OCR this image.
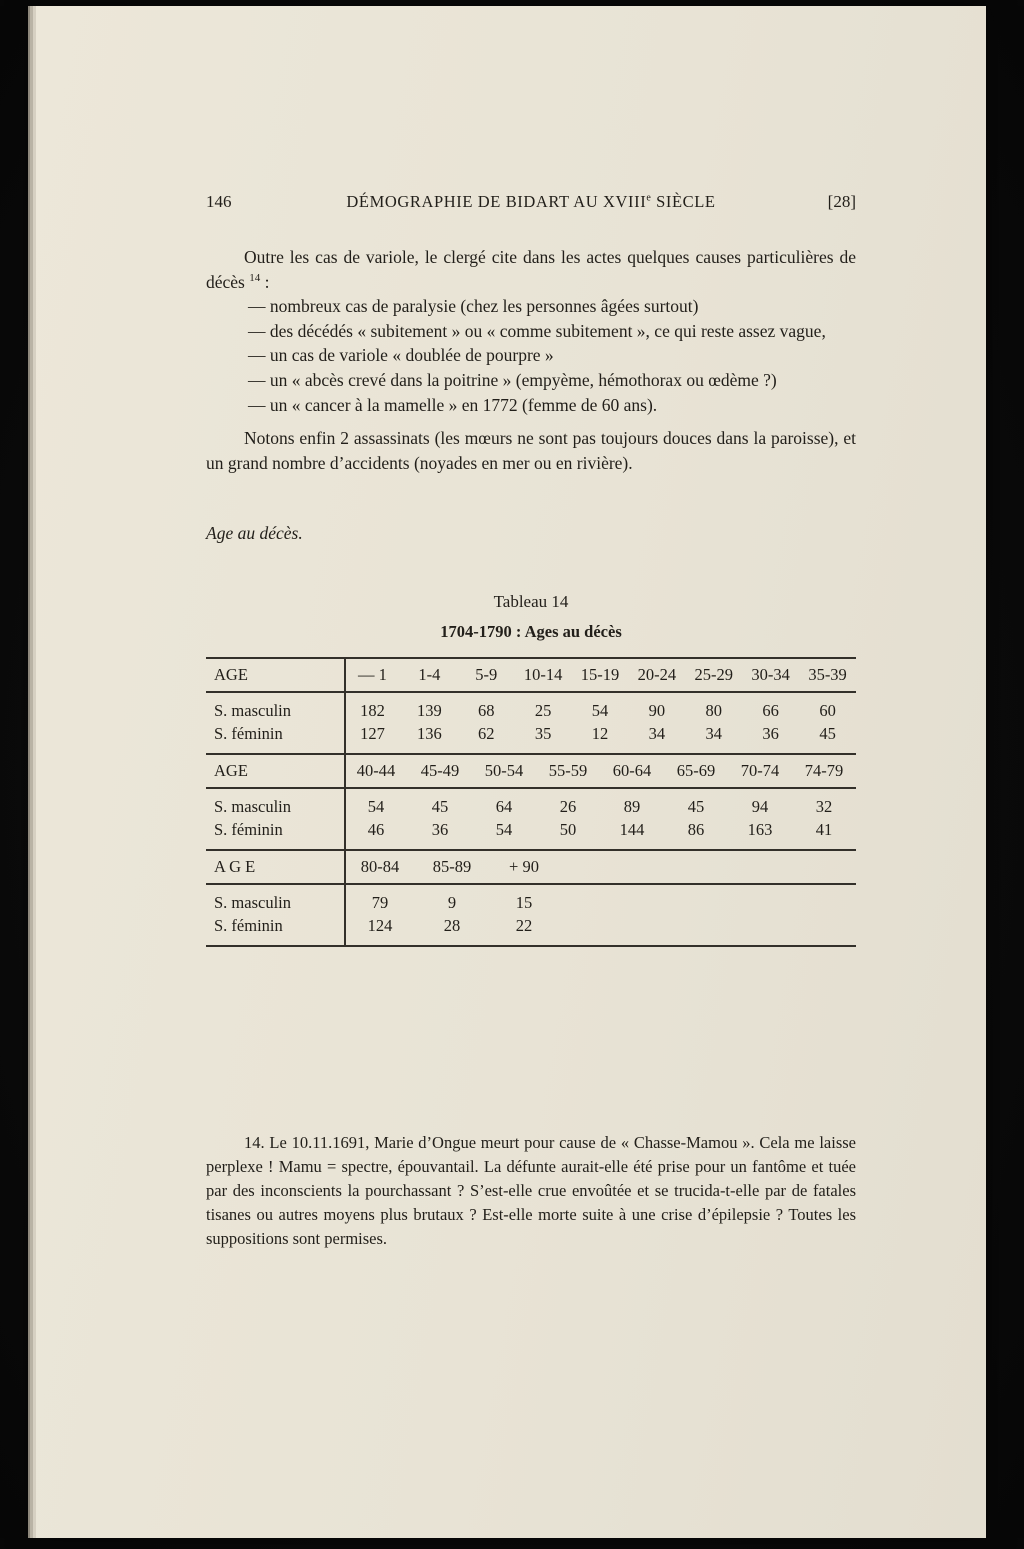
146	DÉMOGRAPHIE DE BIDART AU XVIIIe SIÈCLE	[28]

Outre les cas de variole, le clergé cite dans les actes quelques causes particulières de décès $^{14}$ :

— nombreux cas de paralysie (chez les personnes âgées surtout)

— des décédés « subitement » ou « comme subitement », ce qui reste assez vague,

— un cas de variole « doublée de pourpre »

— un « abcès crevé dans la poitrine » (empyème, hémothorax ou œdème ?)

— un « cancer à la mamelle » en 1772 (femme de 60 ans).

Notons enfin 2 assassinats (les mœurs ne sont pas toujours douces dans la paroisse), et un grand nombre d’accidents (noyades en mer ou en rivière).

Age au décès.

Tableau 14
1704-1790 : Ages au décès
AGE	— 1	1-4	5-9	10-14	15-19	20-24	25-29	30-34	35-39
S. masculin	182	139	68	25	54	90	80	66	60
S. féminin	127	136	62	35	12	34	34	36	45
AGE	40-44	45-49	50-54	55-59	60-64	65-69	70-74	74-79
S. masculin	54	45	64	26	89	45	94	32
S. féminin	46	36	54	50	144	86	163	41
A G E	80-84	85-89	+ 90
S. masculin	79	9	15
S. féminin	124	28	22

14. Le 10.11.1691, Marie d’Ongue meurt pour cause de « Chasse-Mamou ». Cela me laisse perplexe ! Mamu = spectre, épouvantail. La défunte aurait-elle été prise pour un fantôme et tuée par des inconscients la pourchassant ? S’est-elle crue envoûtée et se trucida-t-elle par de fatales tisanes ou autres moyens plus brutaux ? Est-elle morte suite à une crise d’épilepsie ? Toutes les suppositions sont permises.
